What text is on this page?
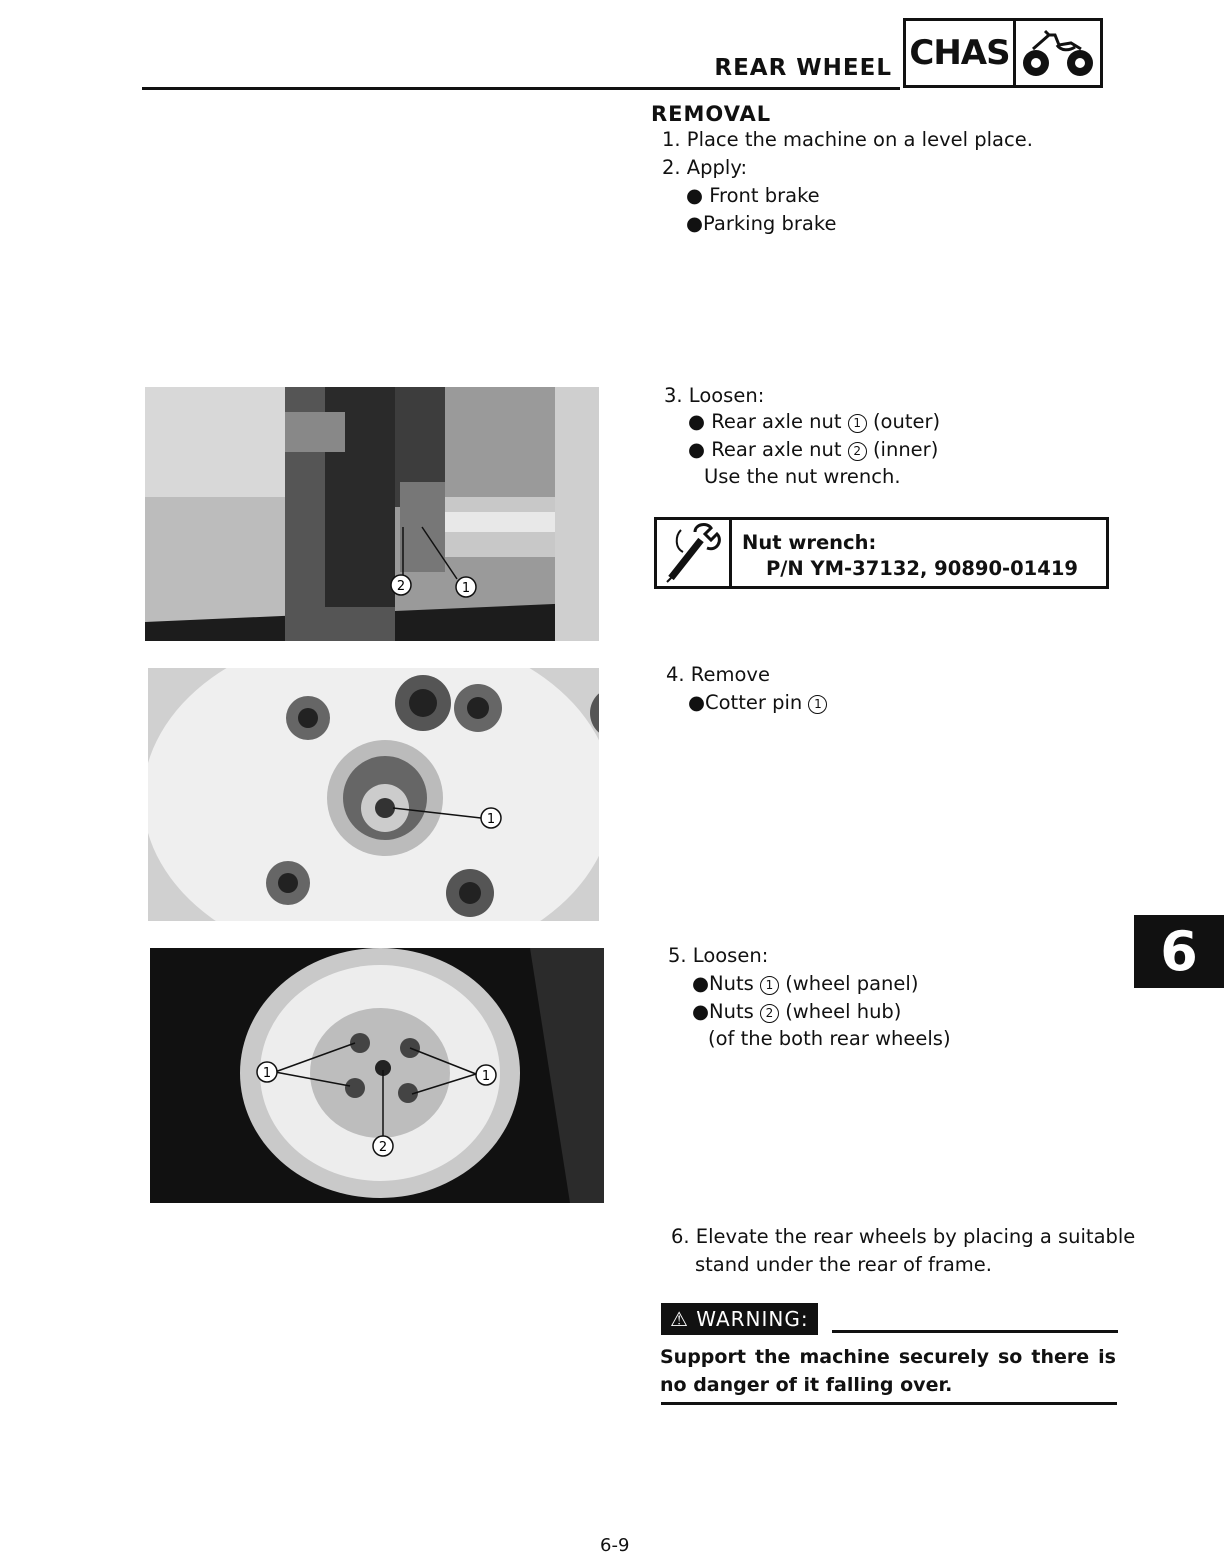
REAR WHEEL CHAS
REMOVAL
1. Place the machine on a level place.
2. Apply:
● Front brake
●Parking brake
3. Loosen:
● Rear axle nut 1 (outer)
● Rear axle nut 2 (inner)
Use the nut wrench.
Nut wrench:
P/N YM-37132, 90890-01419
4. Remove
●Cotter pin 1
5. Loosen:
●Nuts 1 (wheel panel)
●Nuts 2 (wheel hub)
(of the both rear wheels)
6. Elevate the rear wheels by placing a suitable
stand under the rear of frame.
⚠ WARNING:
Support the machine securely so there is no danger of it falling over.
6
6-9
2	1
1
1	1
2
